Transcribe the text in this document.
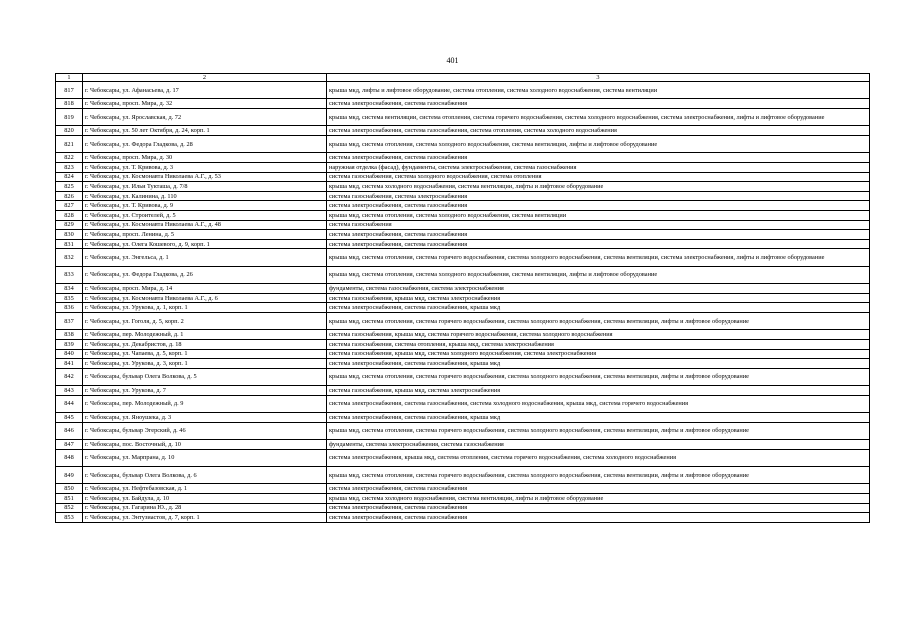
401
1	2	3
817	г. Чебоксары, ул. Афанасьева, д. 17	крыша мкд, лифты и лифтовое оборудование, система отопления, система холодного водоснабжения, система вентиляции
818	г. Чебоксары, просп. Мира, д. 32	система электроснабжения, система газоснабжения
819	г. Чебоксары, ул. Ярославская, д. 72	крыша мкд, система вентиляции, система отопления, система горячего водоснабжения, система холодного водоснабжения, система электроснабжения, лифты и лифтовое оборудование
820	г. Чебоксары, ул. 50 лет Октября, д. 24, корп. 1	система электроснабжения, система газоснабжения, система отопления, система холодного водоснабжения
821	г. Чебоксары, ул. Федора Гладкова, д. 28	крыша мкд, система отопления, система холодного водоснабжения, система вентиляции, лифты и лифтовое оборудование
822	г. Чебоксары, просп. Мира, д. 30	система электроснабжения, система газоснабжения
823	г. Чебоксары, ул. Т. Кривова, д. 3	наружная отделка (фасад), фундаменты, система электроснабжения, система газоснабжения
824	г. Чебоксары, ул. Космонавта Николаева А.Г., д. 53	система газоснабжения, система холодного водоснабжения, система отопления
825	г. Чебоксары, ул. Ильи Тукташа, д. 7/8	крыша мкд, система холодного водоснабжения, система вентиляции, лифты и лифтовое оборудование
826	г. Чебоксары, ул. Калинина, д. 110	система газоснабжения, система электроснабжения
827	г. Чебоксары, ул. Т. Кривова, д. 9	система электроснабжения, система газоснабжения
828	г. Чебоксары, ул. Строителей, д. 5	крыша мкд, система отопления, система холодного водоснабжения, система вентиляции
829	г. Чебоксары, ул. Космонавта Николаева А.Г., д. 48	система газоснабжения
830	г. Чебоксары, просп. Ленина, д. 5	система электроснабжения, система газоснабжения
831	г. Чебоксары, ул. Олега Кошевого, д. 9, корп. 1	система электроснабжения, система газоснабжения
832	г. Чебоксары, ул. Энгельса, д. 1	крыша мкд, система отопления, система горячего водоснабжения, система холодного водоснабжения, система вентиляции, система электроснабжения, лифты и лифтовое оборудование
833	г. Чебоксары, ул. Федора Гладкова, д. 26	крыша мкд, система отопления, система холодного водоснабжения, система вентиляции, лифты и лифтовое оборудование
834	г. Чебоксары, просп. Мира, д. 14	фундаменты, система газоснабжения, система электроснабжения
835	г. Чебоксары, ул. Космонавта Николаева А.Г., д. 6	система газоснабжения, крыша мкд, система электроснабжения
836	г. Чебоксары, ул. Урукова, д. 1, корп. 1	система электроснабжения, система газоснабжения, крыша мкд
837	г. Чебоксары, ул. Гоголя, д. 5, корп. 2	крыша мкд, система отопления, система горячего водоснабжения, система холодного водоснабжения, система вентиляции, лифты и лифтовое оборудование
838	г. Чебоксары, пер. Молодежный, д. 1	система газоснабжения, крыша мкд, система горячего водоснабжения, система холодного водоснабжения
839	г. Чебоксары, ул. Декабристов, д. 18	система газоснабжения, система отопления, крыша мкд, система электроснабжения
840	г. Чебоксары, ул. Чапаева, д. 5, корп. 1	система газоснабжения, крыша мкд, система холодного водоснабжения, система электроснабжения
841	г. Чебоксары, ул. Урукова, д. 3, корп. 1	система электроснабжения, система газоснабжения, крыша мкд
842	г. Чебоксары, бульвар Олега Волкова, д. 5	крыша мкд, система отопления, система горячего водоснабжения, система холодного водоснабжения, система вентиляции, лифты и лифтовое оборудование
843	г. Чебоксары, ул. Урукова, д. 7	система газоснабжения, крыша мкд, система электроснабжения
844	г. Чебоксары, пер. Молодежный, д. 9	система электроснабжения, система газоснабжения, система холодного водоснабжения, крыша мкд, система горячего водоснабжения
845	г. Чебоксары, ул. Яноушека, д. 3	система электроснабжения, система газоснабжения, крыша мкд
846	г. Чебоксары, бульвар Эгерский, д. 46	крыша мкд, система отопления, система горячего водоснабжения, система холодного водоснабжения, система вентиляции, лифты и лифтовое оборудование
847	г. Чебоксары, пос. Восточный, д. 10	фундаменты, система электроснабжения, система газоснабжения
848	г. Чебоксары, ул. Марпрана, д. 10	система электроснабжения, крыша мкд, система отопления, система горячего водоснабжения, система холодного водоснабжения
849	г. Чебоксары, бульвар Олега Волкова, д. 6	крыша мкд, система отопления, система горячего водоснабжения, система холодного водоснабжения, система вентиляции, лифты и лифтовое оборудование
850	г. Чебоксары, ул. Нефтебазовская, д. 1	система электроснабжения, система газоснабжения
851	г. Чебоксары, ул. Байдула, д. 10	крыша мкд, система холодного водоснабжения, система вентиляции, лифты и лифтовое оборудование
852	г. Чебоксары, ул. Гагарина Ю., д. 28	система электроснабжения, система газоснабжения
853	г. Чебоксары, ул. Энтузиастов, д. 7, корп. 1	система электроснабжения, система газоснабжения
